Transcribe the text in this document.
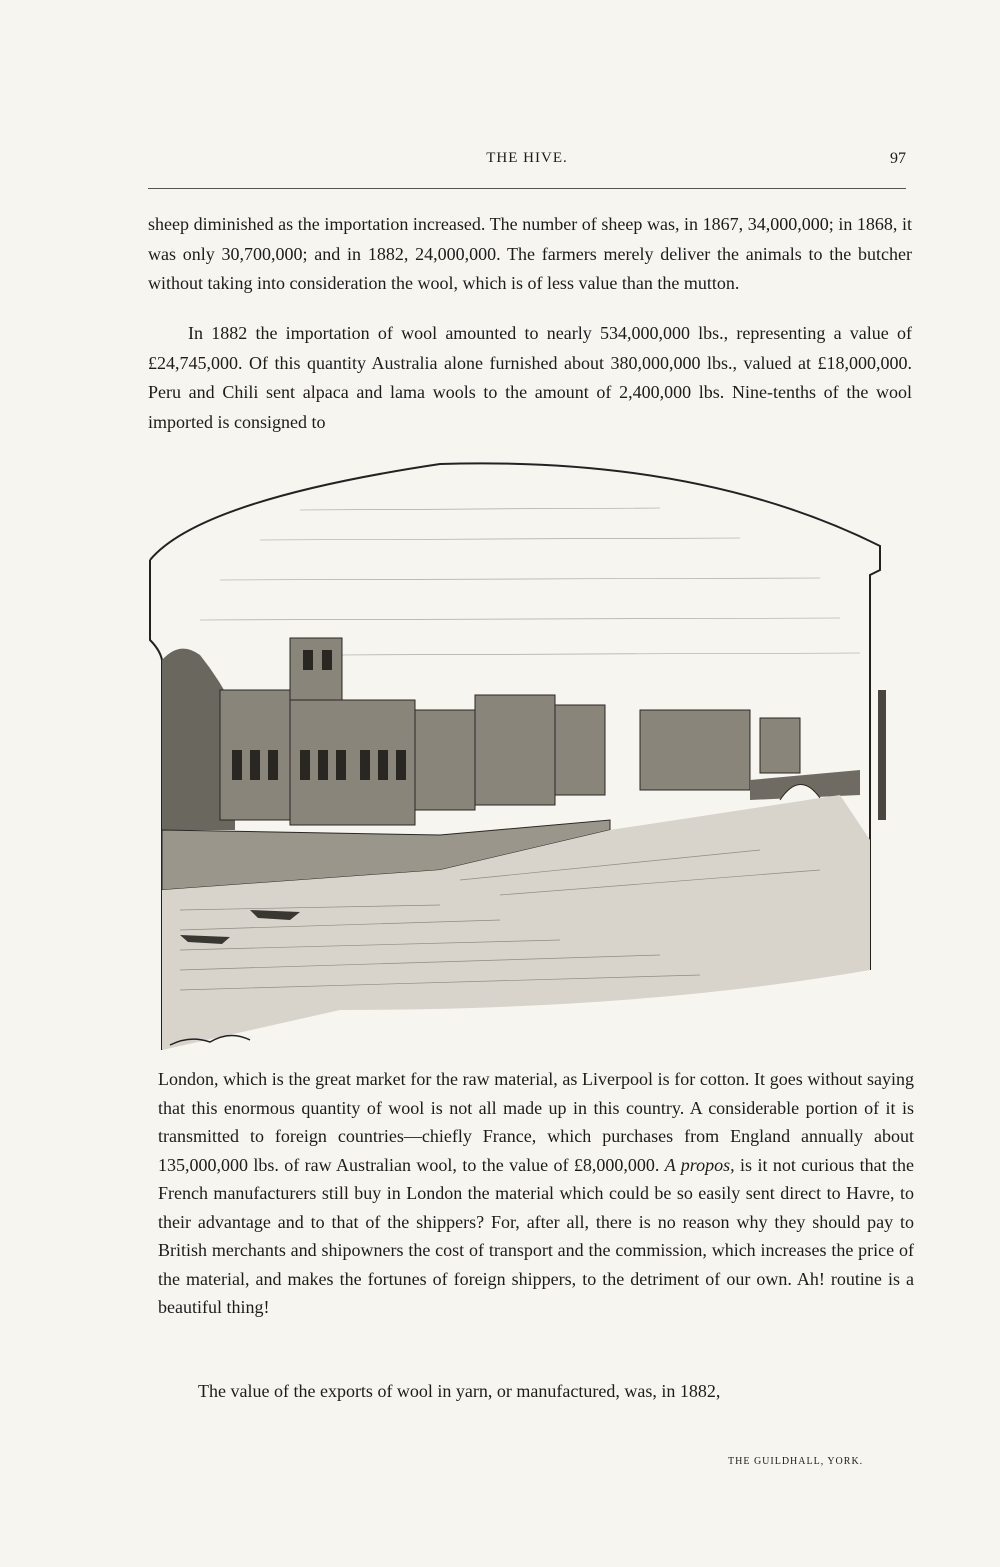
THE HIVE.	97
sheep diminished as the importation increased. The number of sheep was, in 1867, 34,000,000; in 1868, it was only 30,700,000; and in 1882, 24,000,000. The farmers merely deliver the animals to the butcher without taking into consideration the wool, which is of less value than the mutton.
In 1882 the importation of wool amounted to nearly 534,000,000 lbs., representing a value of £24,745,000. Of this quantity Australia alone furnished about 380,000,000 lbs., valued at £18,000,000. Peru and Chili sent alpaca and lama wools to the amount of 2,400,000 lbs. Nine-tenths of the wool imported is consigned to
THE GUILDHALL, YORK.
London, which is the great market for the raw material, as Liverpool is for cotton. It goes without saying that this enormous quantity of wool is not all made up in this country. A considerable portion of it is transmitted to foreign countries—chiefly France, which purchases from England annually about 135,000,000 lbs. of raw Australian wool, to the value of £8,000,000. A propos, is it not curious that the French manufacturers still buy in London the material which could be so easily sent direct to Havre, to their advantage and to that of the shippers? For, after all, there is no reason why they should pay to British merchants and shipowners the cost of transport and the commission, which increases the price of the material, and makes the fortunes of foreign shippers, to the detriment of our own. Ah! routine is a beautiful thing!
The value of the exports of wool in yarn, or manufactured, was, in 1882,
